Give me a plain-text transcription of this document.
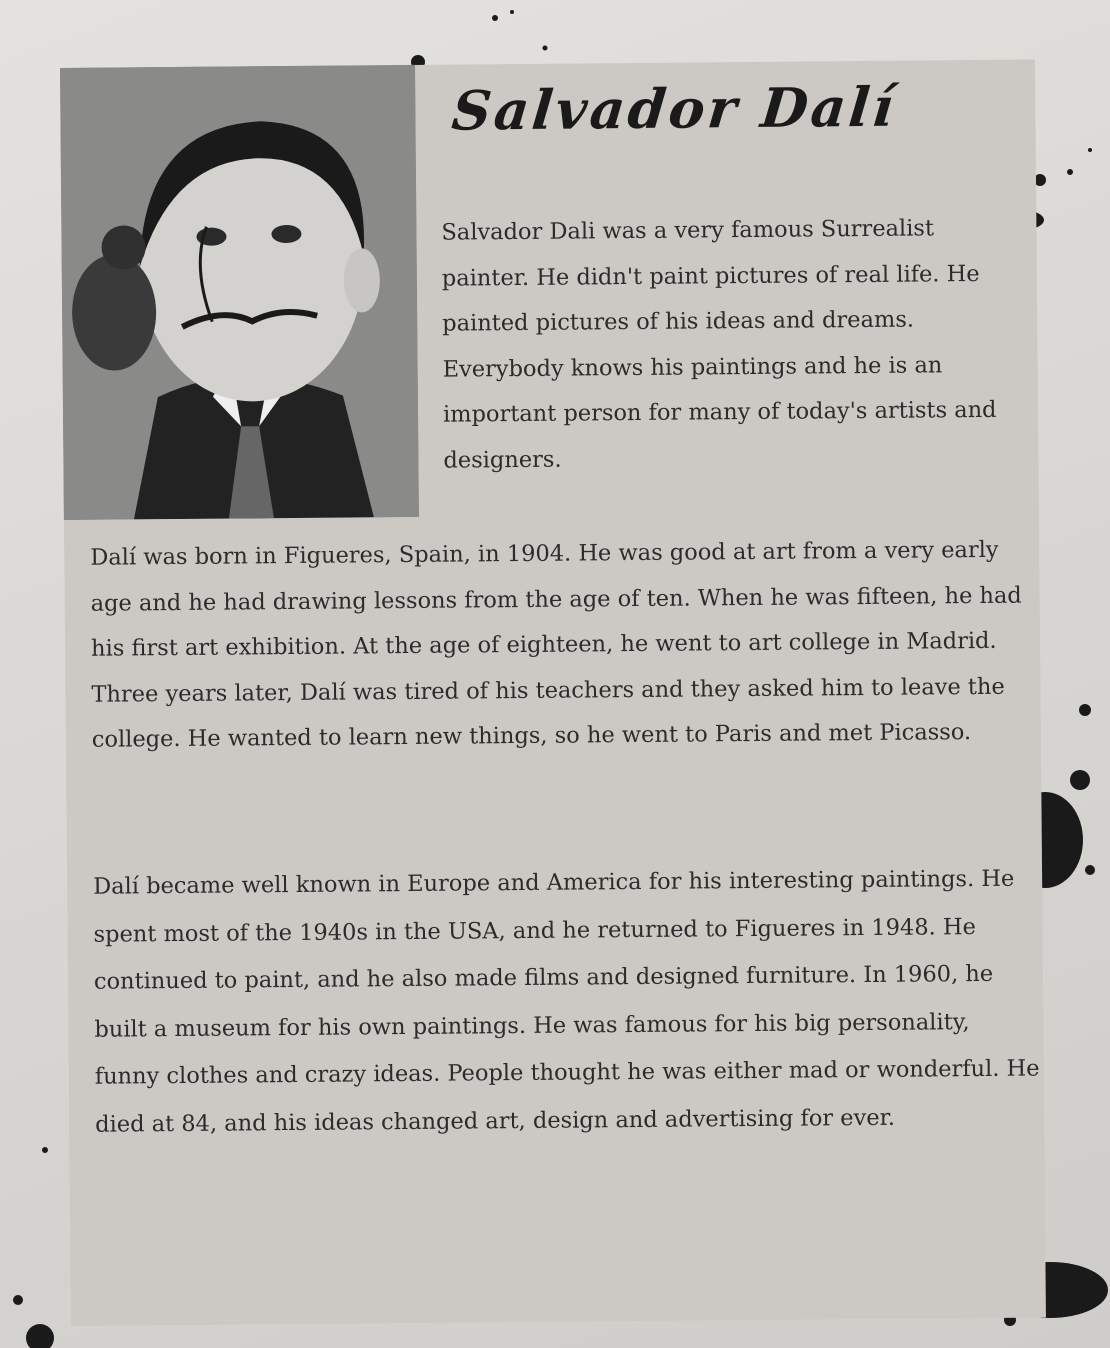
Salvador Dalí

Salvador Dali was a very famous Surrealist painter. He didn't paint pictures of real life. He painted pictures of his ideas and dreams. Everybody knows his paintings and he is an important person for many of today's artists and designers.

Dalí was born in Figueres, Spain, in 1904. He was good at art from a very early age and he had drawing lessons from the age of ten. When he was fifteen, he had his first art exhibition. At the age of eighteen, he went to art college in Madrid. Three years later, Dalí was tired of his teachers and they asked him to leave the college. He wanted to learn new things, so he went to Paris and met Picasso.

Dalí became well known in Europe and America for his interesting paintings. He spent most of the 1940s in the USA, and he returned to Figueres in 1948. He continued to paint, and he also made films and designed furniture. In 1960, he built a museum for his own paintings. He was famous for his big personality, funny clothes and crazy ideas. People thought he was either mad or wonderful. He died at 84, and his ideas changed art, design and advertising for ever.
